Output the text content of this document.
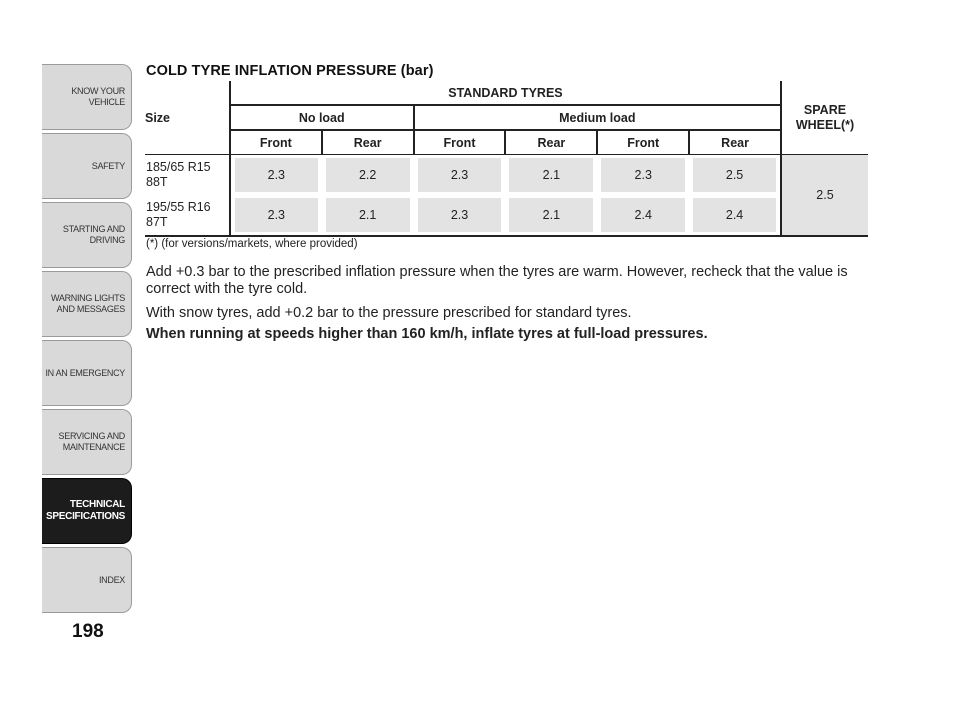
KNOW YOUR
VEHICLE
SAFETY
STARTING AND
DRIVING
WARNING LIGHTS
AND MESSAGES
IN AN EMERGENCY
SERVICING AND
MAINTENANCE
TECHNICAL
SPECIFICATIONS
INDEX
198
COLD TYRE INFLATION PRESSURE (bar)
Size	STANDARD TYRES						SPARE WHEEL(*)
	No load		Medium load				
	Front	Rear	Front	Rear	Front	Rear	
185/65 R15
88T	2.3	2.2	2.3	2.1	2.3	2.5	2.5
195/55 R16
87T	2.3	2.1	2.3	2.1	2.4	2.4	
(*) (for versions/markets, where provided)
Add +0.3 bar to the prescribed inflation pressure when the tyres are warm. However, recheck that the value is correct with the tyre cold.
With snow tyres, add +0.2 bar to the pressure prescribed for standard tyres.
When running at speeds higher than 160 km/h, inflate tyres at full-load pressures.
